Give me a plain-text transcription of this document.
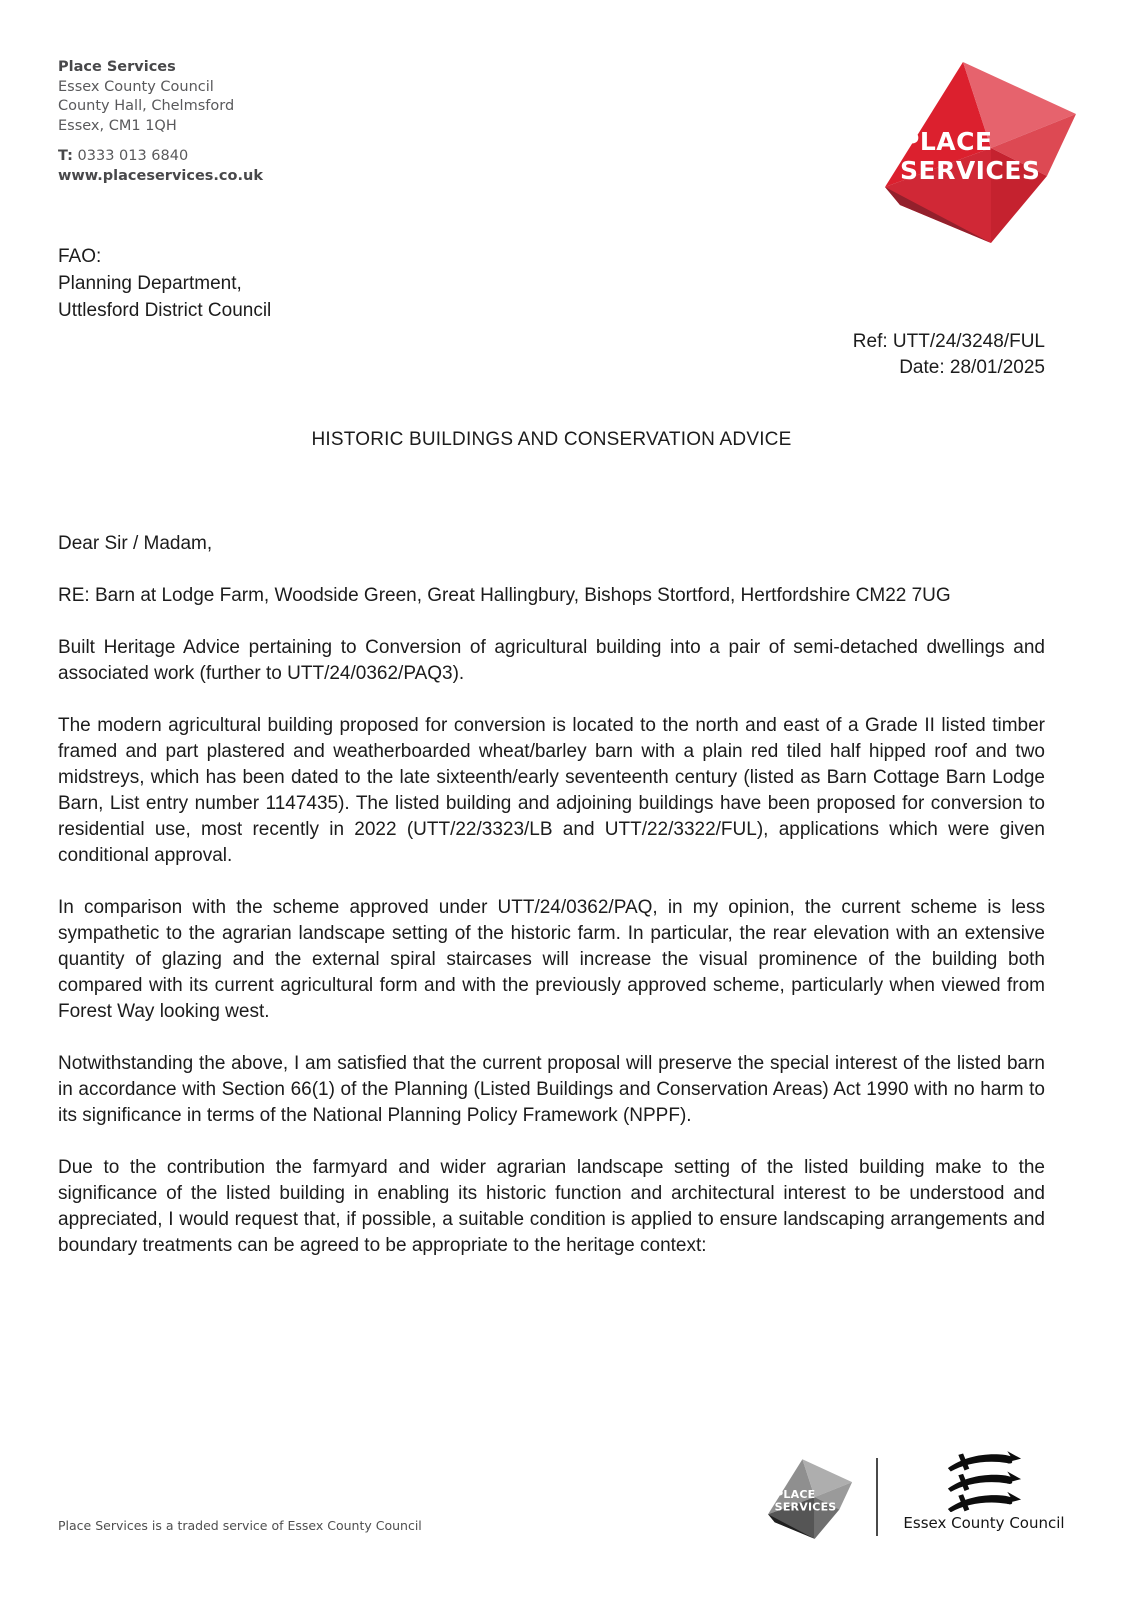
Place Services
Essex County Council
County Hall, Chelmsford
Essex, CM1 1QH
T: 0333 013 6840
www.placeservices.co.uk
PLACE
SERVICES
FAO:
Planning Department,
Uttlesford District Council
Ref: UTT/24/3248/FUL
Date: 28/01/2025
HISTORIC BUILDINGS AND CONSERVATION ADVICE

Dear Sir / Madam,

RE: Barn at Lodge Farm, Woodside Green, Great Hallingbury, Bishops Stortford, Hertfordshire CM22 7UG

Built Heritage Advice pertaining to Conversion of agricultural building into a pair of semi-detached dwellings and associated work (further to UTT/24/0362/PAQ3).

The modern agricultural building proposed for conversion is located to the north and east of a Grade II listed timber framed and part plastered and weatherboarded wheat/barley barn with a plain red tiled half hipped roof and two midstreys, which has been dated to the late sixteenth/early seventeenth century (listed as Barn Cottage Barn Lodge Barn, List entry number 1147435). The listed building and adjoining buildings have been proposed for conversion to residential use, most recently in 2022 (UTT/22/3323/LB and UTT/22/3322/FUL), applications which were given conditional approval.

In comparison with the scheme approved under UTT/24/0362/PAQ, in my opinion, the current scheme is less sympathetic to the agrarian landscape setting of the historic farm. In particular, the rear elevation with an extensive quantity of glazing and the external spiral staircases will increase the visual prominence of the building both compared with its current agricultural form and with the previously approved scheme, particularly when viewed from Forest Way looking west.

Notwithstanding the above, I am satisfied that the current proposal will preserve the special interest of the listed barn in accordance with Section 66(1) of the Planning (Listed Buildings and Conservation Areas) Act 1990 with no harm to its significance in terms of the National Planning Policy Framework (NPPF).

Due to the contribution the farmyard and wider agrarian landscape setting of the listed building make to the significance of the listed building in enabling its historic function and architectural interest to be understood and appreciated, I would request that, if possible, a suitable condition is applied to ensure landscaping arrangements and boundary treatments can be agreed to be appropriate to the heritage context:

Place Services is a traded service of Essex County Council
PLACE
SERVICES
Essex County Council
